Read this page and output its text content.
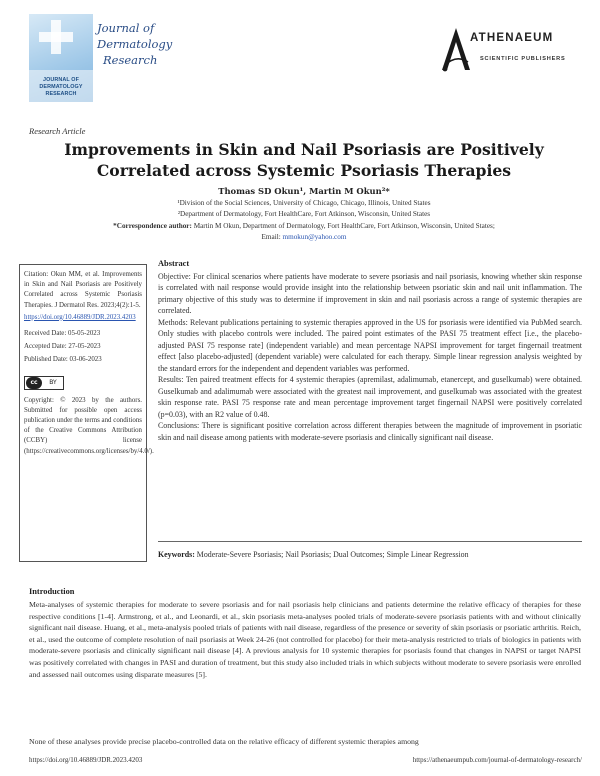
JOURNAL OF DERMATOLOGY RESEARCH
Journal of
Dermatology
Research
ATHENAEUM
SCIENTIFIC PUBLISHERS
Research Article
Improvements in Skin and Nail Psoriasis are Positively Correlated across Systemic Psoriasis Therapies
Thomas SD Okun¹, Martin M Okun²*
¹Division of the Social Sciences, University of Chicago, Chicago, Illinois, United States
²Department of Dermatology, Fort HealthCare, Fort Atkinson, Wisconsin, United States
*Correspondence author: Martin M Okun, Department of Dermatology, Fort HealthCare, Fort Atkinson, Wisconsin, United States;
Email: mmokun@yahoo.com

Citation: Okun MM, et al. Improvements in Skin and Nail Psoriasis are Positively Correlated across Systemic Psoriasis Therapies. J Dermatol Res. 2023;4(2):1-5.

https://doi.org/10.46889/JDR.2023.4203

Received Date: 05-05-2023

Accepted Date: 27-05-2023

Published Date: 03-06-2023

cc	BY

Copyright: © 2023 by the authors. Submitted for possible open access publication under the terms and conditions of the Creative Commons Attribution (CCBY) license (https://creativecommons.org/licenses/by/4.0/).

Abstract

Objective: For clinical scenarios where patients have moderate to severe psoriasis and nail psoriasis, knowing whether skin response is correlated with nail response would provide insight into the relationship between psoriatic skin and nail unit inflammation. The primary objective of this study was to determine if improvement in skin and nail psoriasis across a range of systemic therapies are correlated.

Methods: Relevant publications pertaining to systemic therapies approved in the US for psoriasis were identified via PubMed search. Only studies with placebo controls were included. The paired point estimates of the PASI 75 treatment effect [i.e., the placebo-adjusted PASI 75 response rate] (independent variable) and mean percentage NAPSI improvement for target fingernail treatment effect [also placebo-adjusted] (dependent variable) were calculated for each therapy. Simple linear regression analysis weighted by the standard errors for the independent and dependent variables was performed.

Results: Ten paired treatment effects for 4 systemic therapies (apremilast, adalimumab, etanercept, and guselkumab) were obtained. Guselkumab and adalimumab were associated with the greatest nail improvement, and guselkumab was associated with the greatest skin response rate. PASI 75 response rate and mean percentage improvement target fingernail NAPSI were positively correlated (p=0.03), with an R2 value of 0.48.

Conclusions: There is significant positive correlation across different therapies between the magnitude of improvement in psoriatic skin and nail disease among patients with moderate-severe psoriasis and clinically significant nail disease.

Keywords: Moderate-Severe Psoriasis; Nail Psoriasis; Dual Outcomes; Simple Linear Regression
Introduction

Meta-analyses of systemic therapies for moderate to severe psoriasis and for nail psoriasis help clinicians and patients determine the relative efficacy of therapies for these respective conditions [1-4]. Armstrong, et al., and Leonardi, et al., skin psoriasis meta-analyses pooled trials of moderate-severe psoriasis patients with and without clinically significant nail disease. Huang, et al., meta-analysis pooled trials of patients with nail disease, regardless of the presence or severity of skin psoriasis or psoriatic arthritis. Reich, et al., used the outcome of complete resolution of nail psoriasis at Week 24-26 (not controlled for placebo) for their meta-analysis restricted to trials of biologics in patients with moderate-severe psoriasis and clinically significant nail disease [4]. A previous analysis for 10 systemic therapies for psoriasis found that changes in NAPSI or target NAPSI was positively correlated with changes in PASI and duration of treatment, but this study also included trials in which subjects without moderate to severe psoriasis were enrolled and assessed nail outcomes using disparate measures [5].

None of these analyses provide precise placebo-controlled data on the relative efficacy of different systemic therapies among

https://doi.org/10.46889/JDR.2023.4203	https://athenaeumpub.com/journal-of-dermatology-research/
